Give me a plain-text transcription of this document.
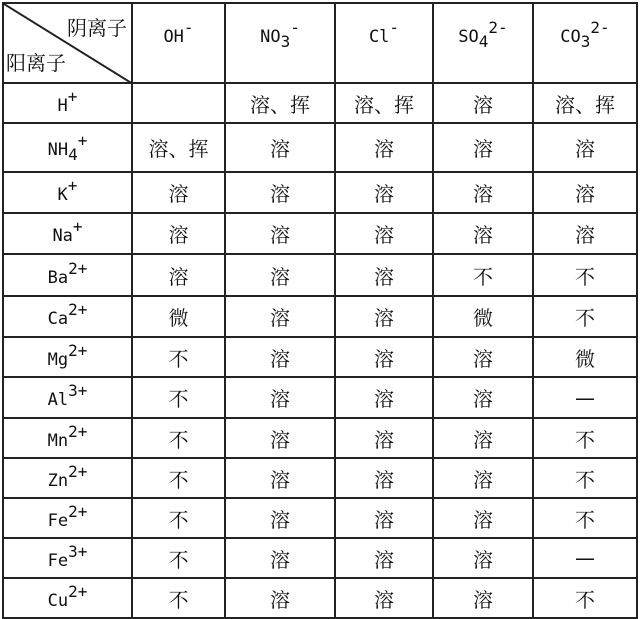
阴离子
阳离子	OH-	$NO_3^-$	Cl-	$SO_4^{2-}$	$CO_3^{2-}$
H+		溶、挥	溶、挥	溶	溶、挥
$NH_4^+$	溶、挥	溶	溶	溶	溶
K+	溶	溶	溶	溶	溶
Na+	溶	溶	溶	溶	溶
$Ba^{2+}$	溶	溶	溶	不	不
$Ca^{2+}$	微	溶	溶	微	不
$Mg^{2+}$	不	溶	溶	溶	微
$Al^{3+}$	不	溶	溶	溶	—
$Mn^{2+}$	不	溶	溶	溶	不
$Zn^{2+}$	不	溶	溶	溶	不
$Fe^{2+}$	不	溶	溶	溶	不
$Fe^{3+}$	不	溶	溶	溶	—
$Cu^{2+}$	不	溶	溶	溶	不
